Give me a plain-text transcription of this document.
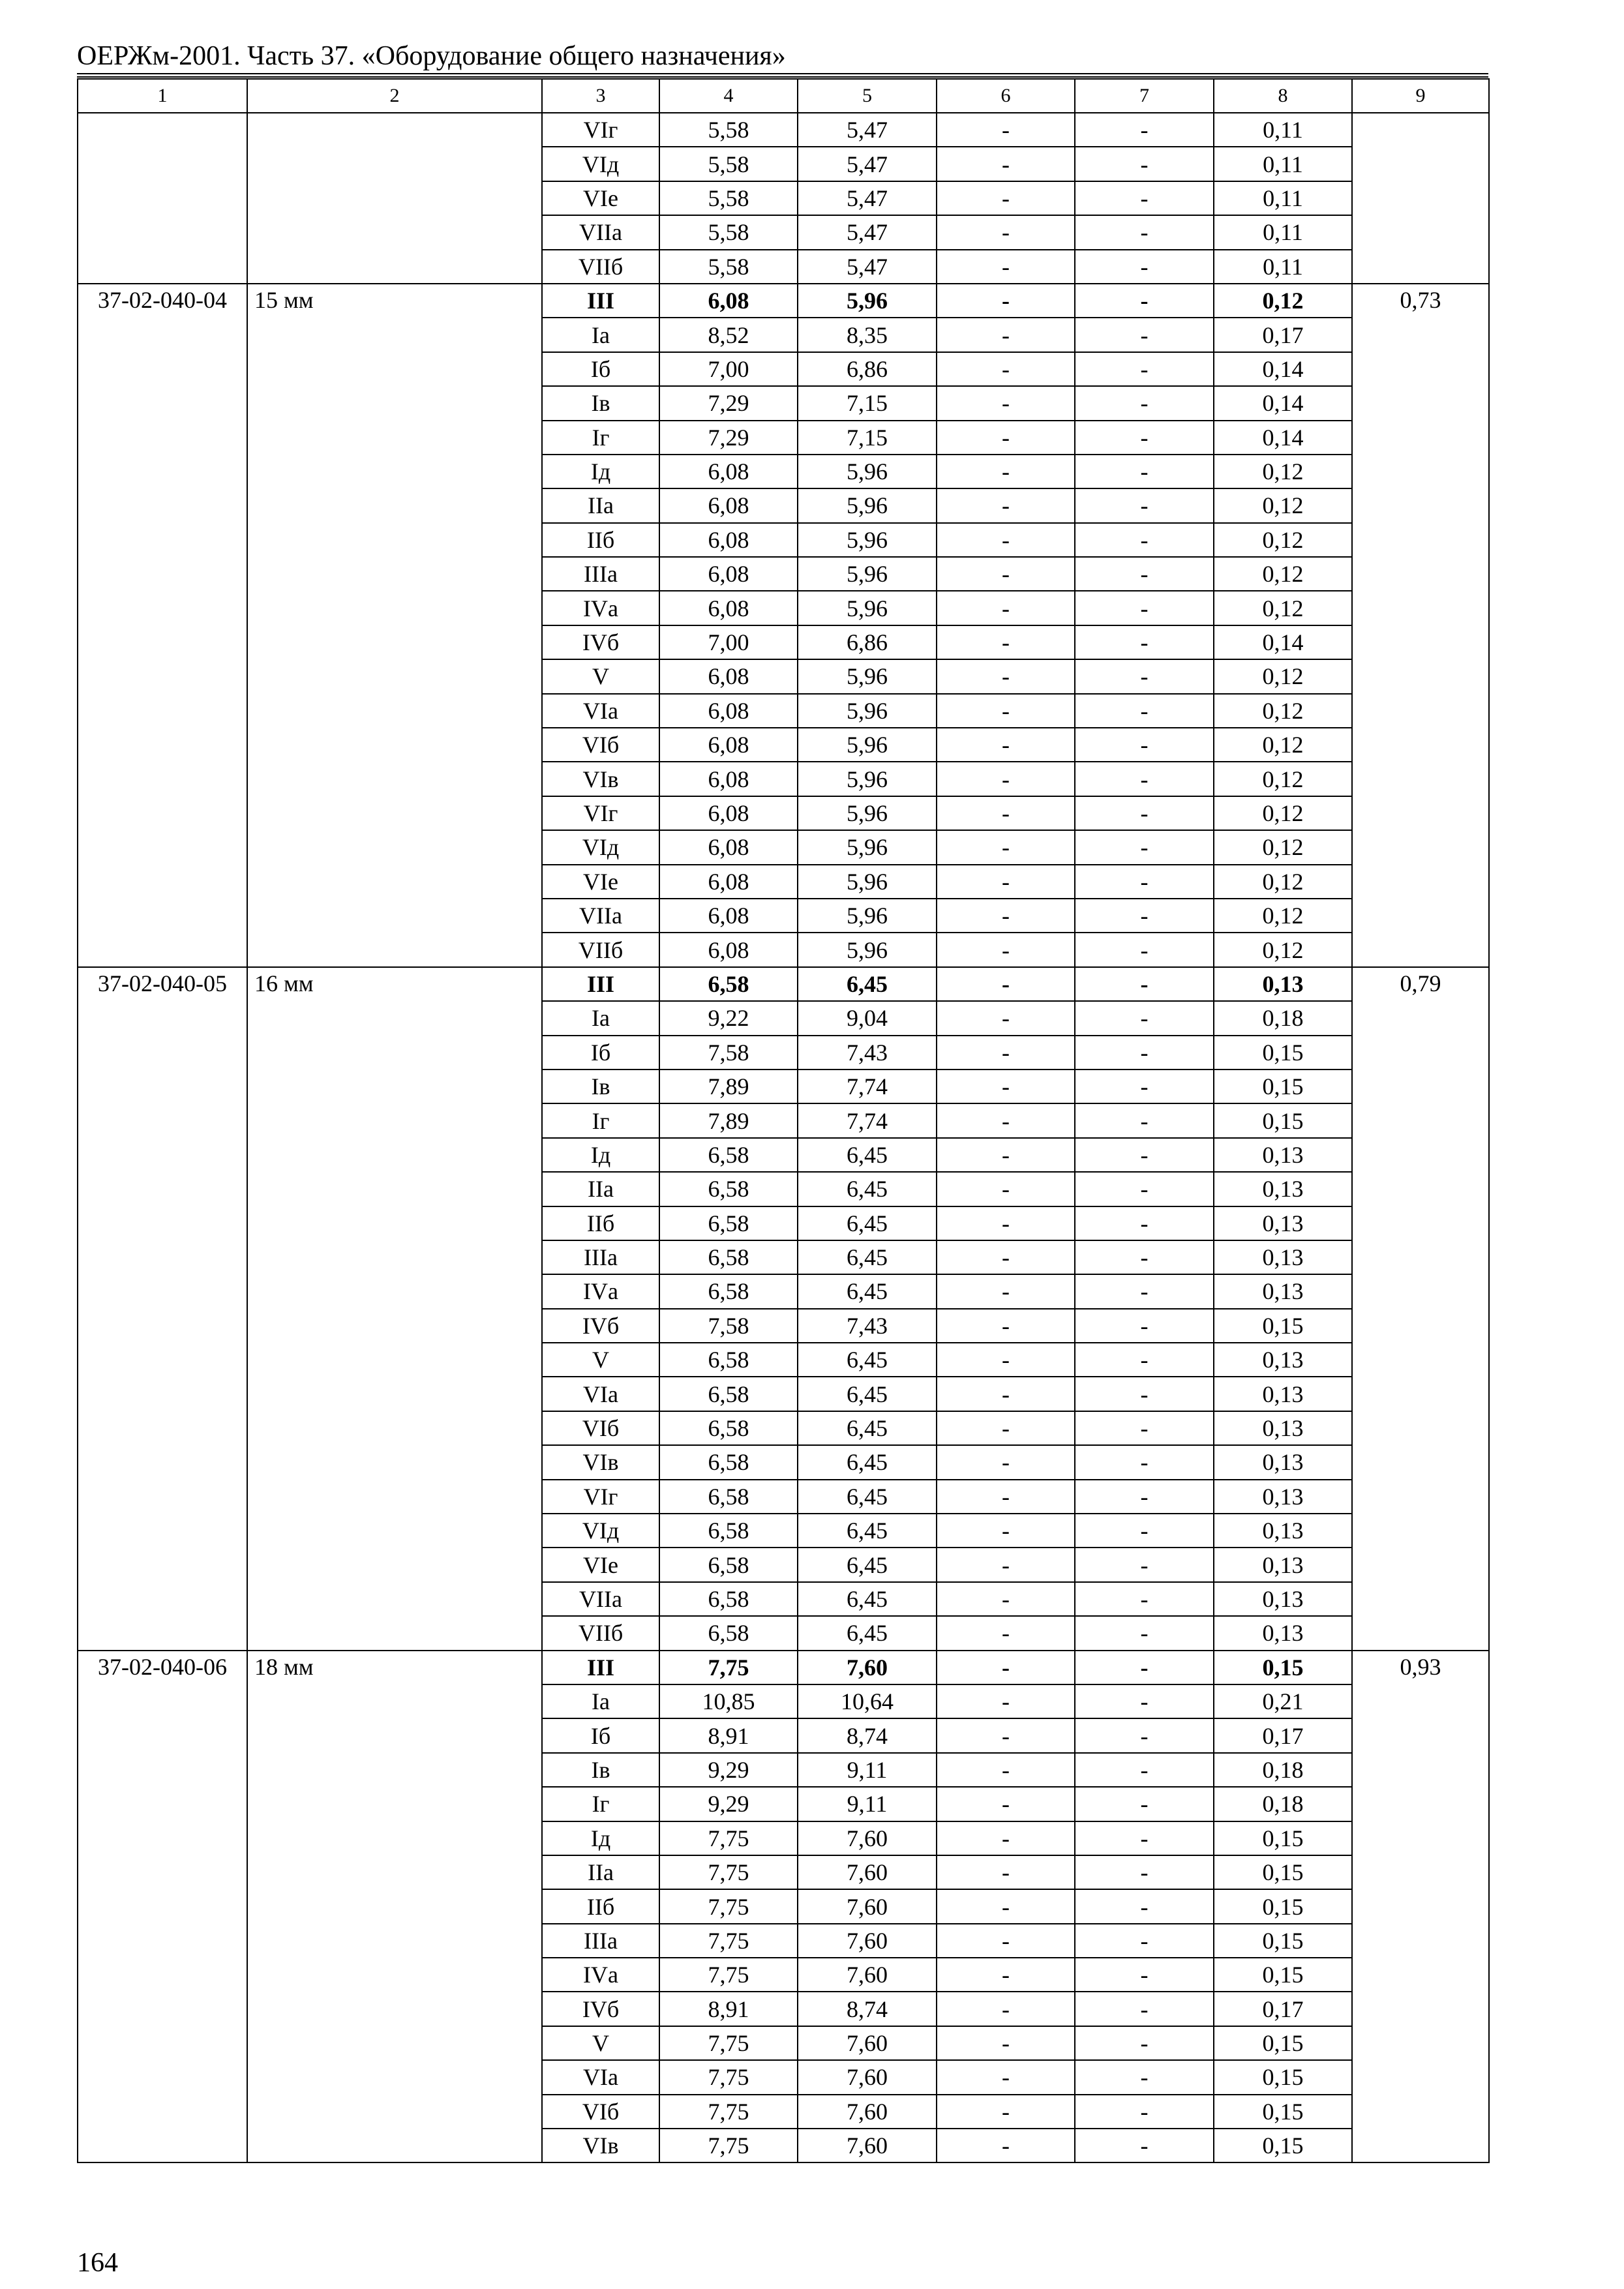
ОЕРЖм-2001. Часть 37. «Оборудование общего назначения»
1	2	3	4	5	6	7	8	9
		VIг	5,58	5,47	-	-	0,11	
		VIд	5,58	5,47	-	-	0,11	
		VIе	5,58	5,47	-	-	0,11	
		VIIа	5,58	5,47	-	-	0,11	
		VIIб	5,58	5,47	-	-	0,11	
37-02-040-04	15 мм	III	6,08	5,96	-	-	0,12	0,73
		Iа	8,52	8,35	-	-	0,17	
		Iб	7,00	6,86	-	-	0,14	
		Iв	7,29	7,15	-	-	0,14	
		Iг	7,29	7,15	-	-	0,14	
		Iд	6,08	5,96	-	-	0,12	
		IIа	6,08	5,96	-	-	0,12	
		IIб	6,08	5,96	-	-	0,12	
		IIIа	6,08	5,96	-	-	0,12	
		IVа	6,08	5,96	-	-	0,12	
		IVб	7,00	6,86	-	-	0,14	
		V	6,08	5,96	-	-	0,12	
		VIа	6,08	5,96	-	-	0,12	
		VIб	6,08	5,96	-	-	0,12	
		VIв	6,08	5,96	-	-	0,12	
		VIг	6,08	5,96	-	-	0,12	
		VIд	6,08	5,96	-	-	0,12	
		VIе	6,08	5,96	-	-	0,12	
		VIIа	6,08	5,96	-	-	0,12	
		VIIб	6,08	5,96	-	-	0,12	
37-02-040-05	16 мм	III	6,58	6,45	-	-	0,13	0,79
		Iа	9,22	9,04	-	-	0,18	
		Iб	7,58	7,43	-	-	0,15	
		Iв	7,89	7,74	-	-	0,15	
		Iг	7,89	7,74	-	-	0,15	
		Iд	6,58	6,45	-	-	0,13	
		IIа	6,58	6,45	-	-	0,13	
		IIб	6,58	6,45	-	-	0,13	
		IIIа	6,58	6,45	-	-	0,13	
		IVа	6,58	6,45	-	-	0,13	
		IVб	7,58	7,43	-	-	0,15	
		V	6,58	6,45	-	-	0,13	
		VIа	6,58	6,45	-	-	0,13	
		VIб	6,58	6,45	-	-	0,13	
		VIв	6,58	6,45	-	-	0,13	
		VIг	6,58	6,45	-	-	0,13	
		VIд	6,58	6,45	-	-	0,13	
		VIе	6,58	6,45	-	-	0,13	
		VIIа	6,58	6,45	-	-	0,13	
		VIIб	6,58	6,45	-	-	0,13	
37-02-040-06	18 мм	III	7,75	7,60	-	-	0,15	0,93
		Iа	10,85	10,64	-	-	0,21	
		Iб	8,91	8,74	-	-	0,17	
		Iв	9,29	9,11	-	-	0,18	
		Iг	9,29	9,11	-	-	0,18	
		Iд	7,75	7,60	-	-	0,15	
		IIа	7,75	7,60	-	-	0,15	
		IIб	7,75	7,60	-	-	0,15	
		IIIа	7,75	7,60	-	-	0,15	
		IVа	7,75	7,60	-	-	0,15	
		IVб	8,91	8,74	-	-	0,17	
		V	7,75	7,60	-	-	0,15	
		VIа	7,75	7,60	-	-	0,15	
		VIб	7,75	7,60	-	-	0,15	
		VIв	7,75	7,60	-	-	0,15	
164
